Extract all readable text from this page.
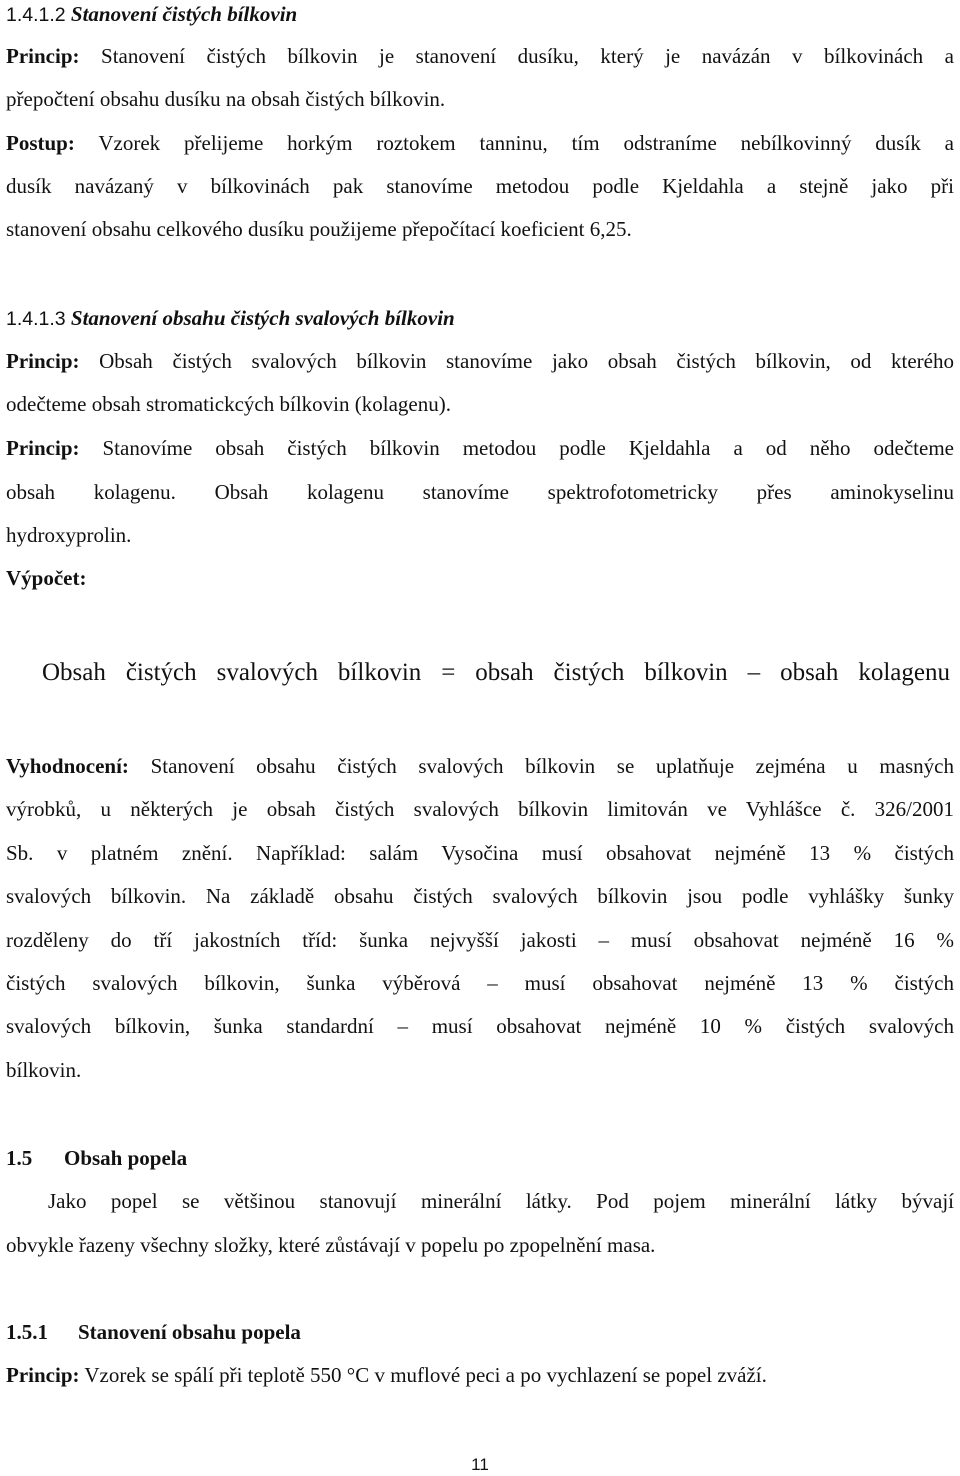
1.4.1.2 Stanovení čistých bílkovin
Princip: Stanovení čistých bílkovin je stanovení dusíku, který je navázán v bílkovinách a
přepočtení obsahu dusíku na obsah čistých bílkovin.
Postup: Vzorek přelijeme horkým roztokem tanninu, tím odstraníme nebílkovinný dusík a
dusík navázaný v bílkovinách pak stanovíme metodou podle Kjeldahla a stejně jako při
stanovení obsahu celkového dusíku použijeme přepočítací koeficient 6,25.
1.4.1.3 Stanovení obsahu čistých svalových bílkovin
Princip: Obsah čistých svalových bílkovin stanovíme jako obsah čistých bílkovin, od kterého
odečteme obsah stromatickcých bílkovin (kolagenu).
Princip: Stanovíme obsah čistých bílkovin metodou podle Kjeldahla a od něho odečteme
obsah kolagenu. Obsah kolagenu stanovíme spektrofotometricky přes aminokyselinu
hydroxyprolin.
Výpočet:
Vyhodnocení: Stanovení obsahu čistých svalových bílkovin se uplatňuje zejména u masných
výrobků, u některých je obsah čistých svalových bílkovin limitován ve Vyhlášce č. 326/2001
Sb. v platném znění. Například: salám Vysočina musí obsahovat nejméně 13 % čistých
svalových bílkovin. Na základě obsahu čistých svalových bílkovin jsou podle vyhlášky šunky
rozděleny do tří jakostních tříd: šunka nejvyšší jakosti – musí obsahovat nejméně 16 %
čistých svalových bílkovin, šunka výběrová – musí obsahovat nejméně 13 % čistých
svalových bílkovin, šunka standardní – musí obsahovat nejméně 10 % čistých svalových
bílkovin.
1.5 Obsah popela
Jako popel se většinou stanovují minerální látky. Pod pojem minerální látky bývají
obvykle řazeny všechny složky, které zůstávají v popelu po zpopelnění masa.
1.5.1 Stanovení obsahu popela
Princip: Vzorek se spálí při teplotě 550 °C v muflové peci a po vychlazení se popel zváží.
Obsah čistých svalových bílkovin = obsah čistých bílkovin – obsah kolagenu
11
